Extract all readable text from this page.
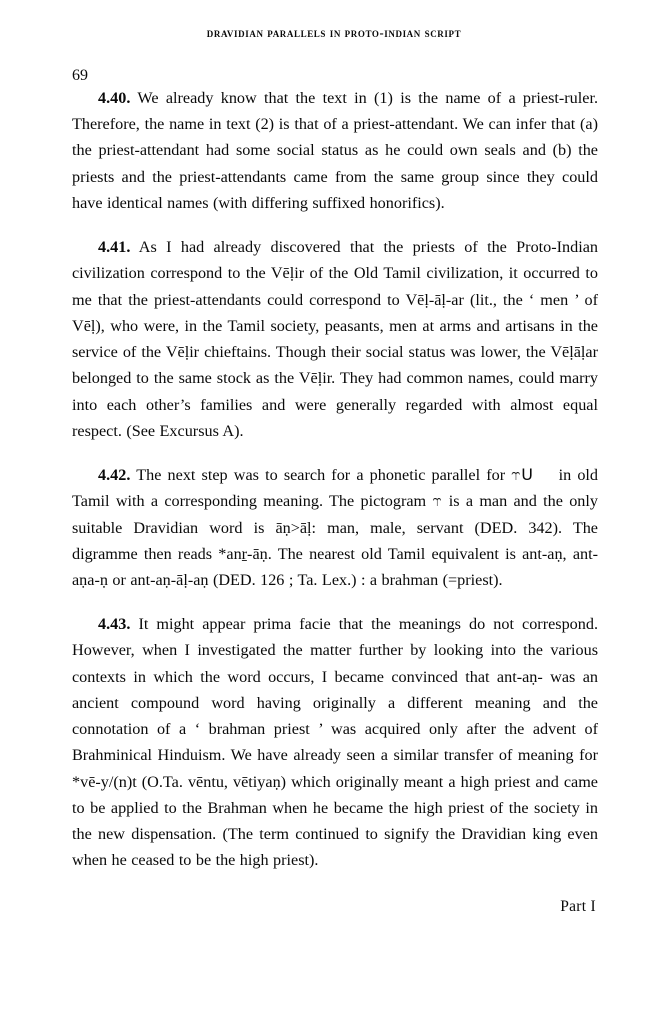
dravidian parallels in proto-indian script
69

4.40. We already know that the text in (1) is the name of a priest-ruler. Therefore, the name in text (2) is that of a priest-attendant. We can infer that (a) the priest-attendant had some social status as he could own seals and (b) the priests and the priest-attendants came from the same group since they could have identical names (with differing suffixed honorifics).

4.41. As I had already discovered that the priests of the Proto-Indian civilization correspond to the Vēḷir of the Old Tamil civilization, it occurred to me that the priest-attendants could correspond to Vēḷ-āḷ-ar (lit., the ‘ men ’ of Vēḷ), who were, in the Tamil society, peasants, men at arms and artisans in the service of the Vēḷir chieftains. Though their social status was lower, the Vēḷāḷar belonged to the same stock as the Vēḷir. They had common names, could marry into each other’s families and were generally regarded with almost equal respect. (See Excursus A).

4.42. The next step was to search for a phonetic parallel for ⥾U in old Tamil with a corresponding meaning. The pictogram ⥾ is a man and the only suitable Dravidian word is āṇ>āḷ: man, male, servant (DED. 342). The digramme then reads *anṟ-āṇ. The nearest old Tamil equivalent is ant-aṇ, ant-aṇa-ṇ or ant-aṇ-āḷ-aṇ (DED. 126 ; Ta. Lex.) : a brahman (=priest).

4.43. It might appear prima facie that the meanings do not correspond. However, when I investigated the matter further by looking into the various contexts in which the word occurs, I became convinced that ant-aṇ- was an ancient compound word having originally a different meaning and the connotation of a ‘ brahman priest ’ was acquired only after the advent of Brahminical Hinduism. We have already seen a similar transfer of meaning for *vē-y/(n)t (O.Ta. vēntu, vētiyaṇ) which originally meant a high priest and came to be applied to the Brahman when he became the high priest of the society in the new dispensation. (The term continued to signify the Dravidian king even when he ceased to be the high priest).

Part I
